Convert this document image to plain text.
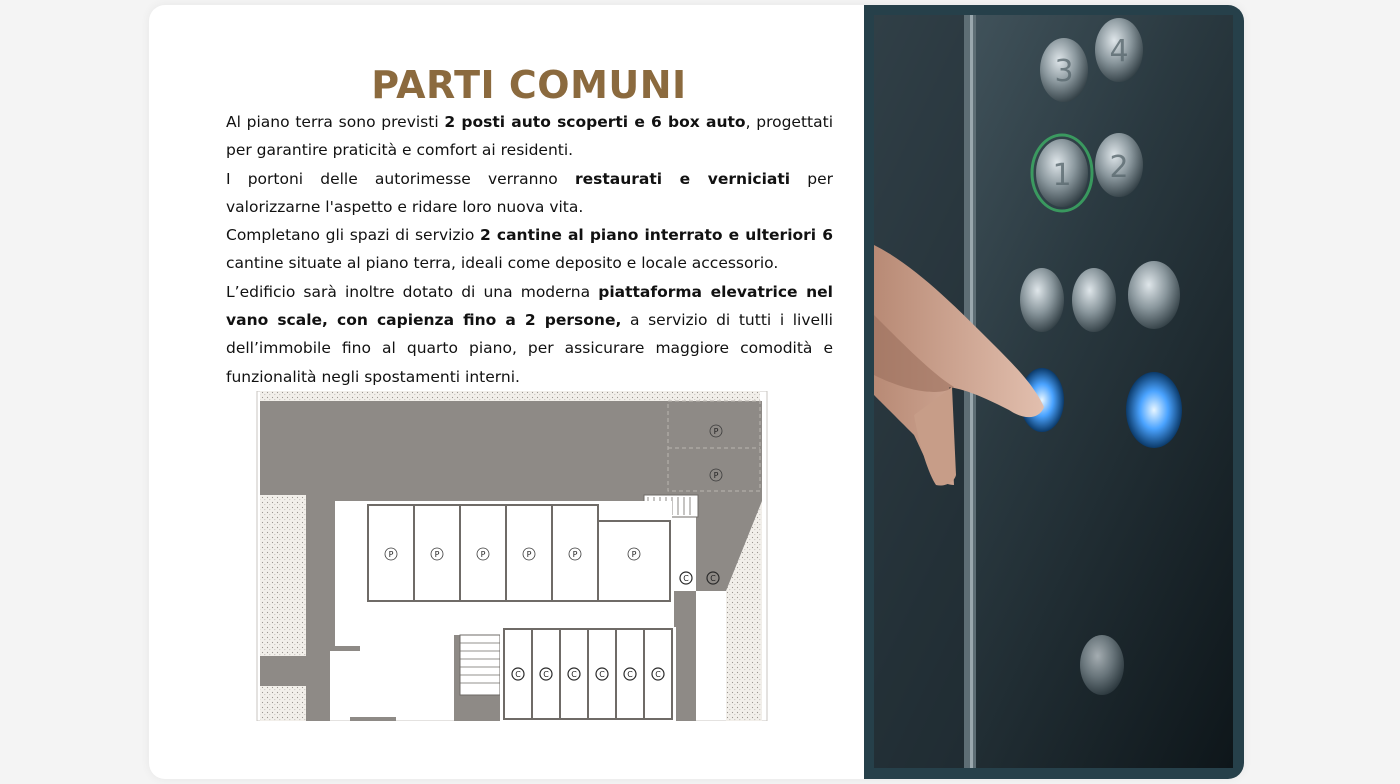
PARTI COMUNI

Al piano terra sono previsti 2 posti auto scoperti e 6 box auto, progettati per garantire praticità e comfort ai residenti.

I portoni delle autorimesse verranno restaurati e verniciati per valorizzarne l'aspetto e ridare loro nuova vita.

Completano gli spazi di servizio 2 cantine al piano interrato e ulteriori 6 cantine situate al piano terra, ideali come deposito e locale accessorio.

L’edificio sarà inoltre dotato di una moderna piattaforma elevatrice nel vano scale, con capienza fino a 2 persone, a servizio di tutti i livelli dell’immobile fino al quarto piano, per assicurare maggiore comodità e funzionalità negli spostamenti interni.

P	P	P	P	P	P
P
P
C	C
C	C	C	C	C	C
3
4
1 2
